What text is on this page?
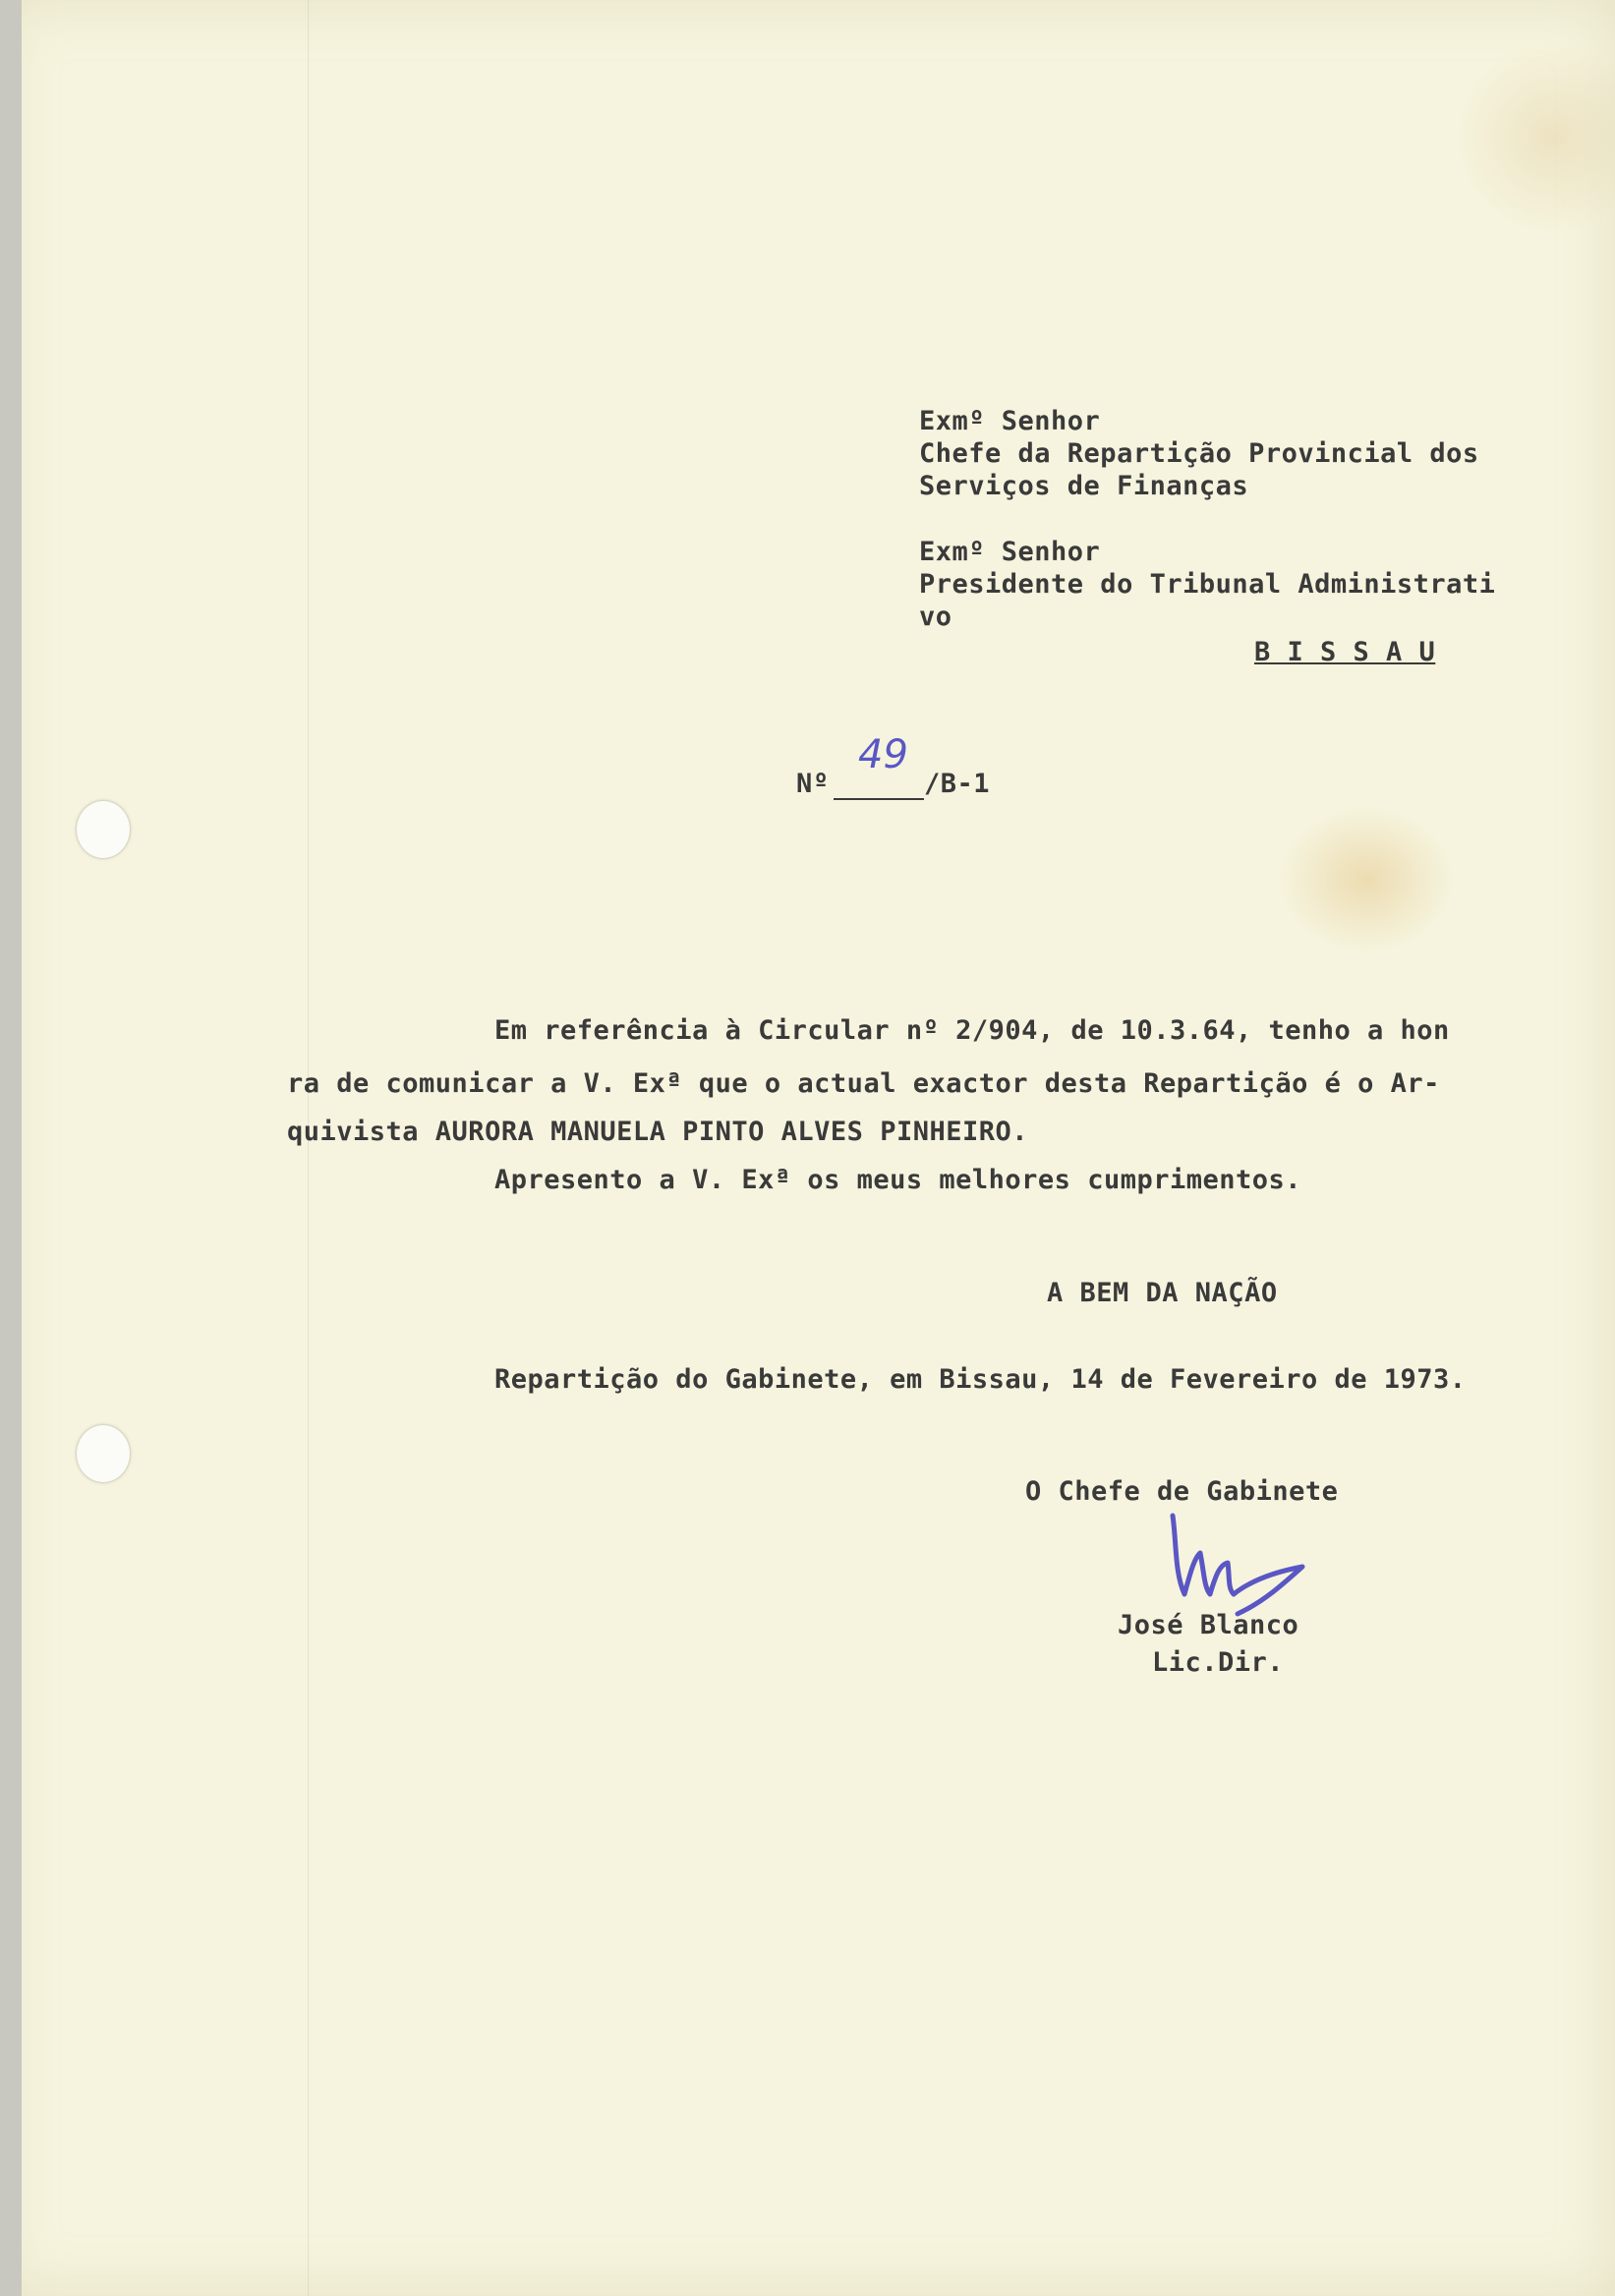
Exmº Senhor
Chefe da Repartição Provincial dos
Serviços de Finanças
Exmº Senhor
Presidente do Tribunal Administrati
vo
B I S S A U
Nº
49
/B-1
Em referência à Circular nº 2/904, de 10.3.64, tenho a hon
ra de comunicar a V. Exª que o actual exactor desta Repartição é o Ar-
quivista AURORA MANUELA PINTO ALVES PINHEIRO.
Apresento a V. Exª os meus melhores cumprimentos.
A BEM DA NAÇÃO
Repartição do Gabinete, em Bissau, 14 de Fevereiro de 1973.
O Chefe de Gabinete
José Blanco
Lic.Dir.
